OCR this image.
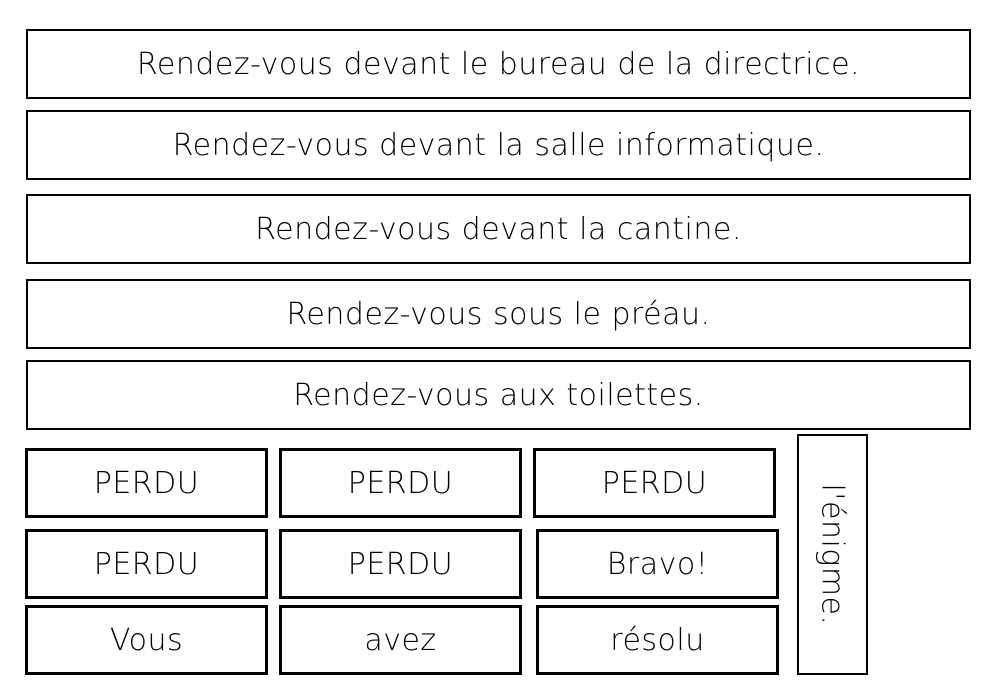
Rendez-vous devant le bureau de la directrice.
Rendez-vous devant la salle informatique.
Rendez-vous devant la cantine.
Rendez-vous sous le préau.
Rendez-vous aux toilettes.
PERDU	PERDU	PERDU
PERDU	PERDU	Bravo!
Vous	avez	résolu
l'énigme.
